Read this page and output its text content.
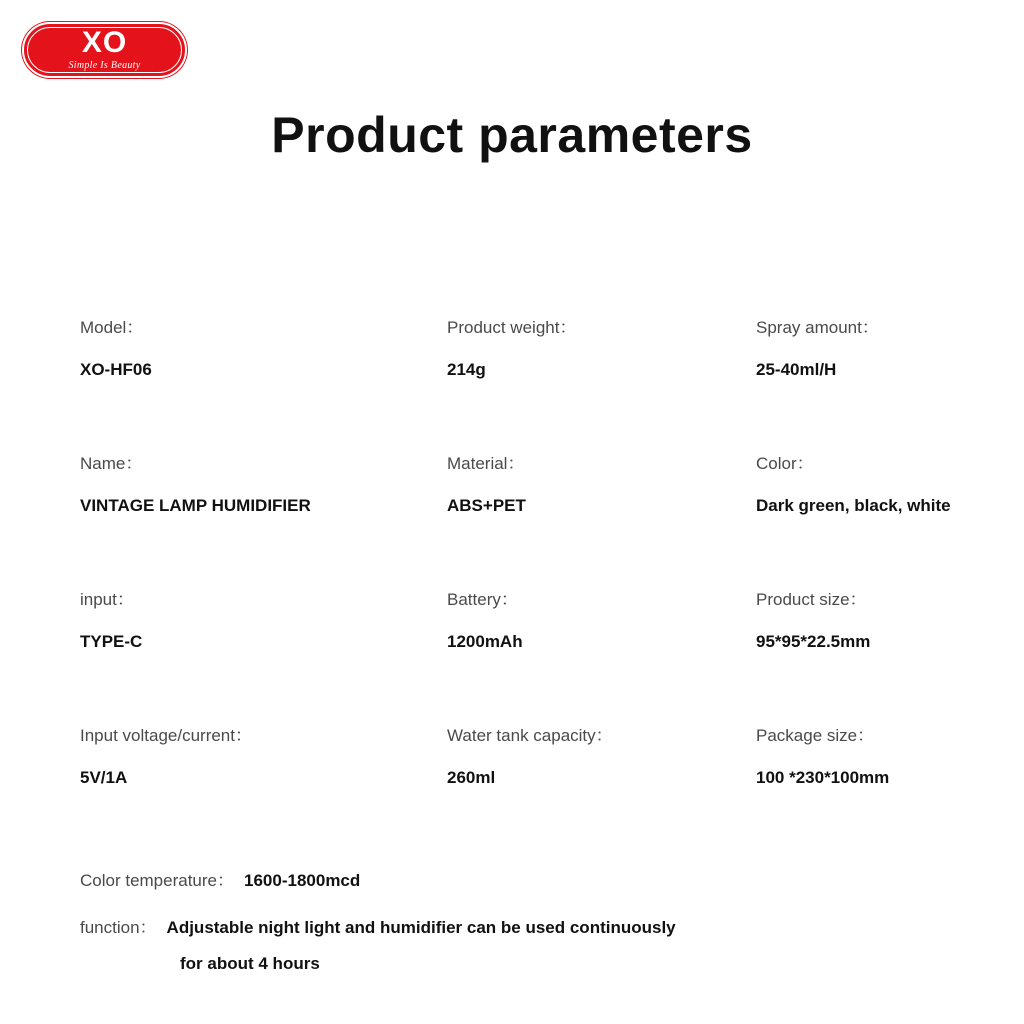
XO
Simple Is Beauty
Product parameters
Model：
XO-HF06
Product weight：
214g
Spray amount：
25-40ml/H
Name：
VINTAGE LAMP HUMIDIFIER
Material：
ABS+PET
Color：
Dark green, black, white
input：
TYPE-C
Battery：
1200mAh
Product size：
95*95*22.5mm
Input voltage/current：
5V/1A
Water tank capacity：
260ml
Package size：
100 *230*100mm
Color temperature： 1600-1800mcd
function： Adjustable night light and humidifier can be used continuously
for about 4 hours
